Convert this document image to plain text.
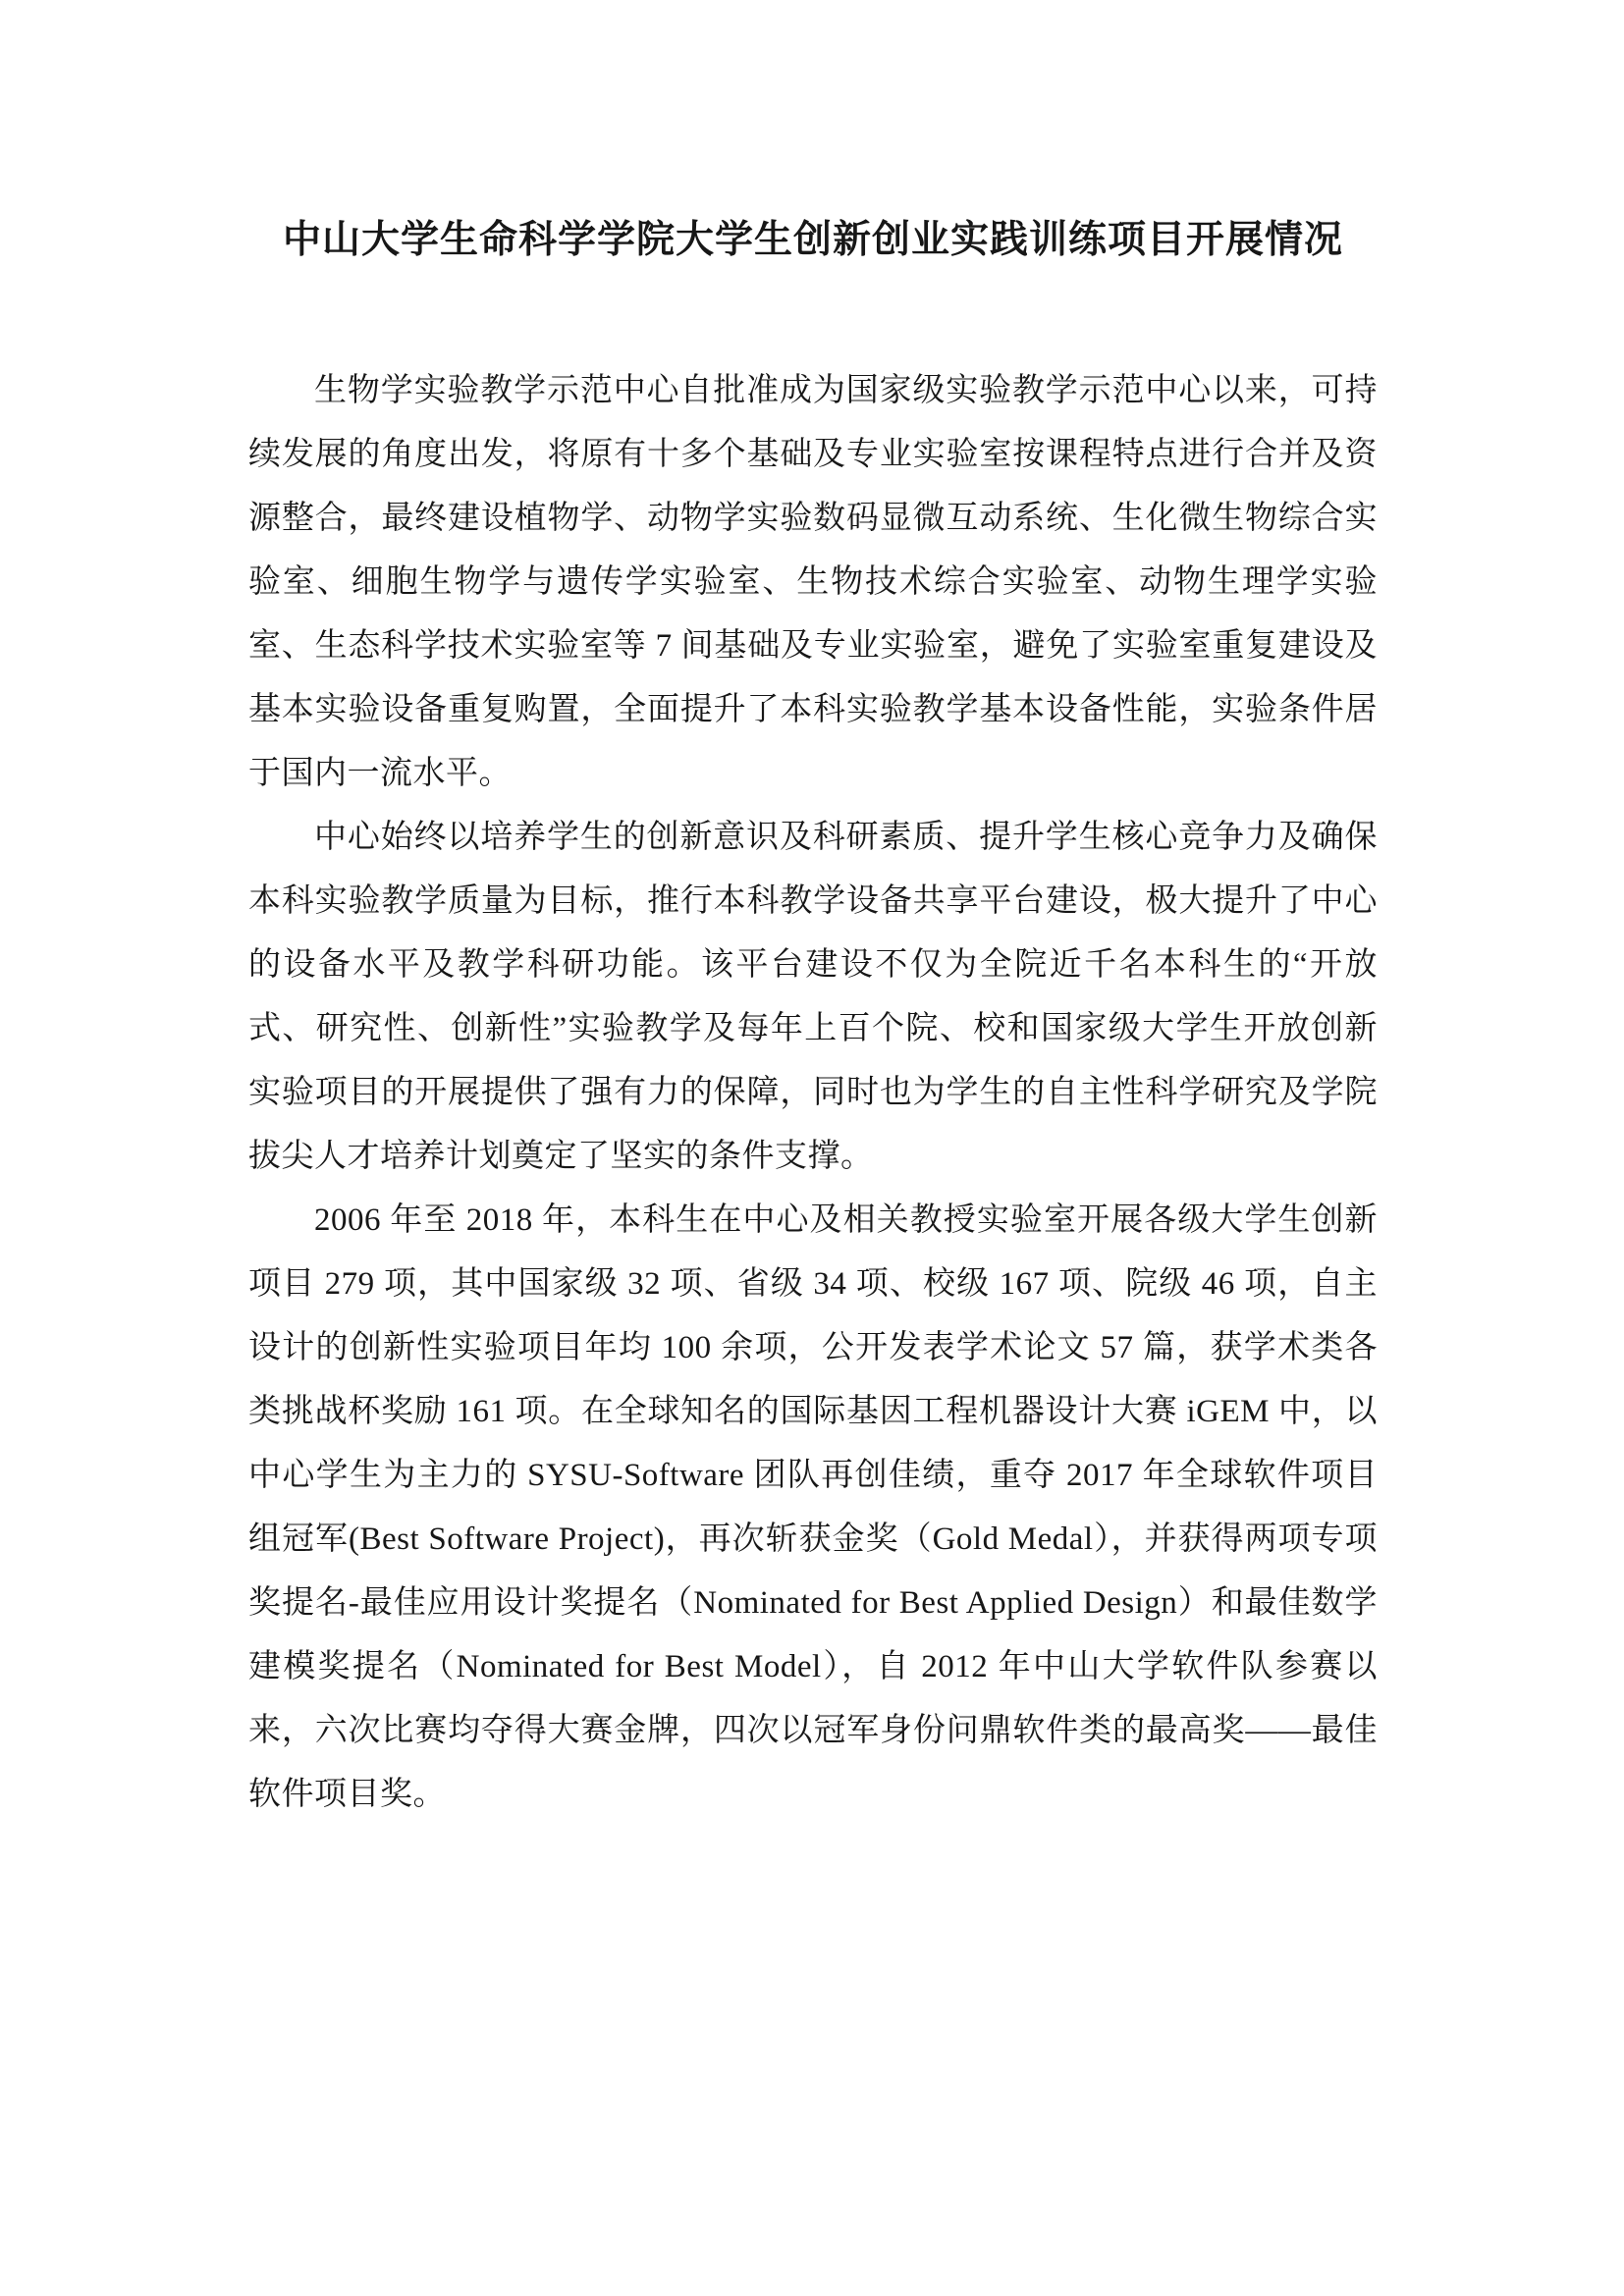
中山大学生命科学学院大学生创新创业实践训练项目开展情况

生物学实验教学示范中心自批准成为国家级实验教学示范中心以来，可持续发展的角度出发，将原有十多个基础及专业实验室按课程特点进行合并及资源整合，最终建设植物学、动物学实验数码显微互动系统、生化微生物综合实验室、细胞生物学与遗传学实验室、生物技术综合实验室、动物生理学实验室、生态科学技术实验室等 7 间基础及专业实验室，避免了实验室重复建设及基本实验设备重复购置，全面提升了本科实验教学基本设备性能，实验条件居于国内一流水平。

中心始终以培养学生的创新意识及科研素质、提升学生核心竞争力及确保本科实验教学质量为目标，推行本科教学设备共享平台建设，极大提升了中心的设备水平及教学科研功能。该平台建设不仅为全院近千名本科生的“开放式、研究性、创新性”实验教学及每年上百个院、校和国家级大学生开放创新实验项目的开展提供了强有力的保障，同时也为学生的自主性科学研究及学院拔尖人才培养计划奠定了坚实的条件支撑。

2006 年至 2018 年，本科生在中心及相关教授实验室开展各级大学生创新项目 279 项，其中国家级 32 项、省级 34 项、校级 167 项、院级 46 项，自主设计的创新性实验项目年均 100 余项，公开发表学术论文 57 篇，获学术类各类挑战杯奖励 161 项。在全球知名的国际基因工程机器设计大赛 iGEM 中，以中心学生为主力的 SYSU-Software 团队再创佳绩，重夺 2017 年全球软件项目组冠军(Best Software Project)，再次斩获金奖（Gold Medal），并获得两项专项奖提名-最佳应用设计奖提名（Nominated for Best Applied Design）和最佳数学建模奖提名（Nominated for Best Model），自 2012 年中山大学软件队参赛以来，六次比赛均夺得大赛金牌，四次以冠军身份问鼎软件类的最高奖——最佳软件项目奖。
